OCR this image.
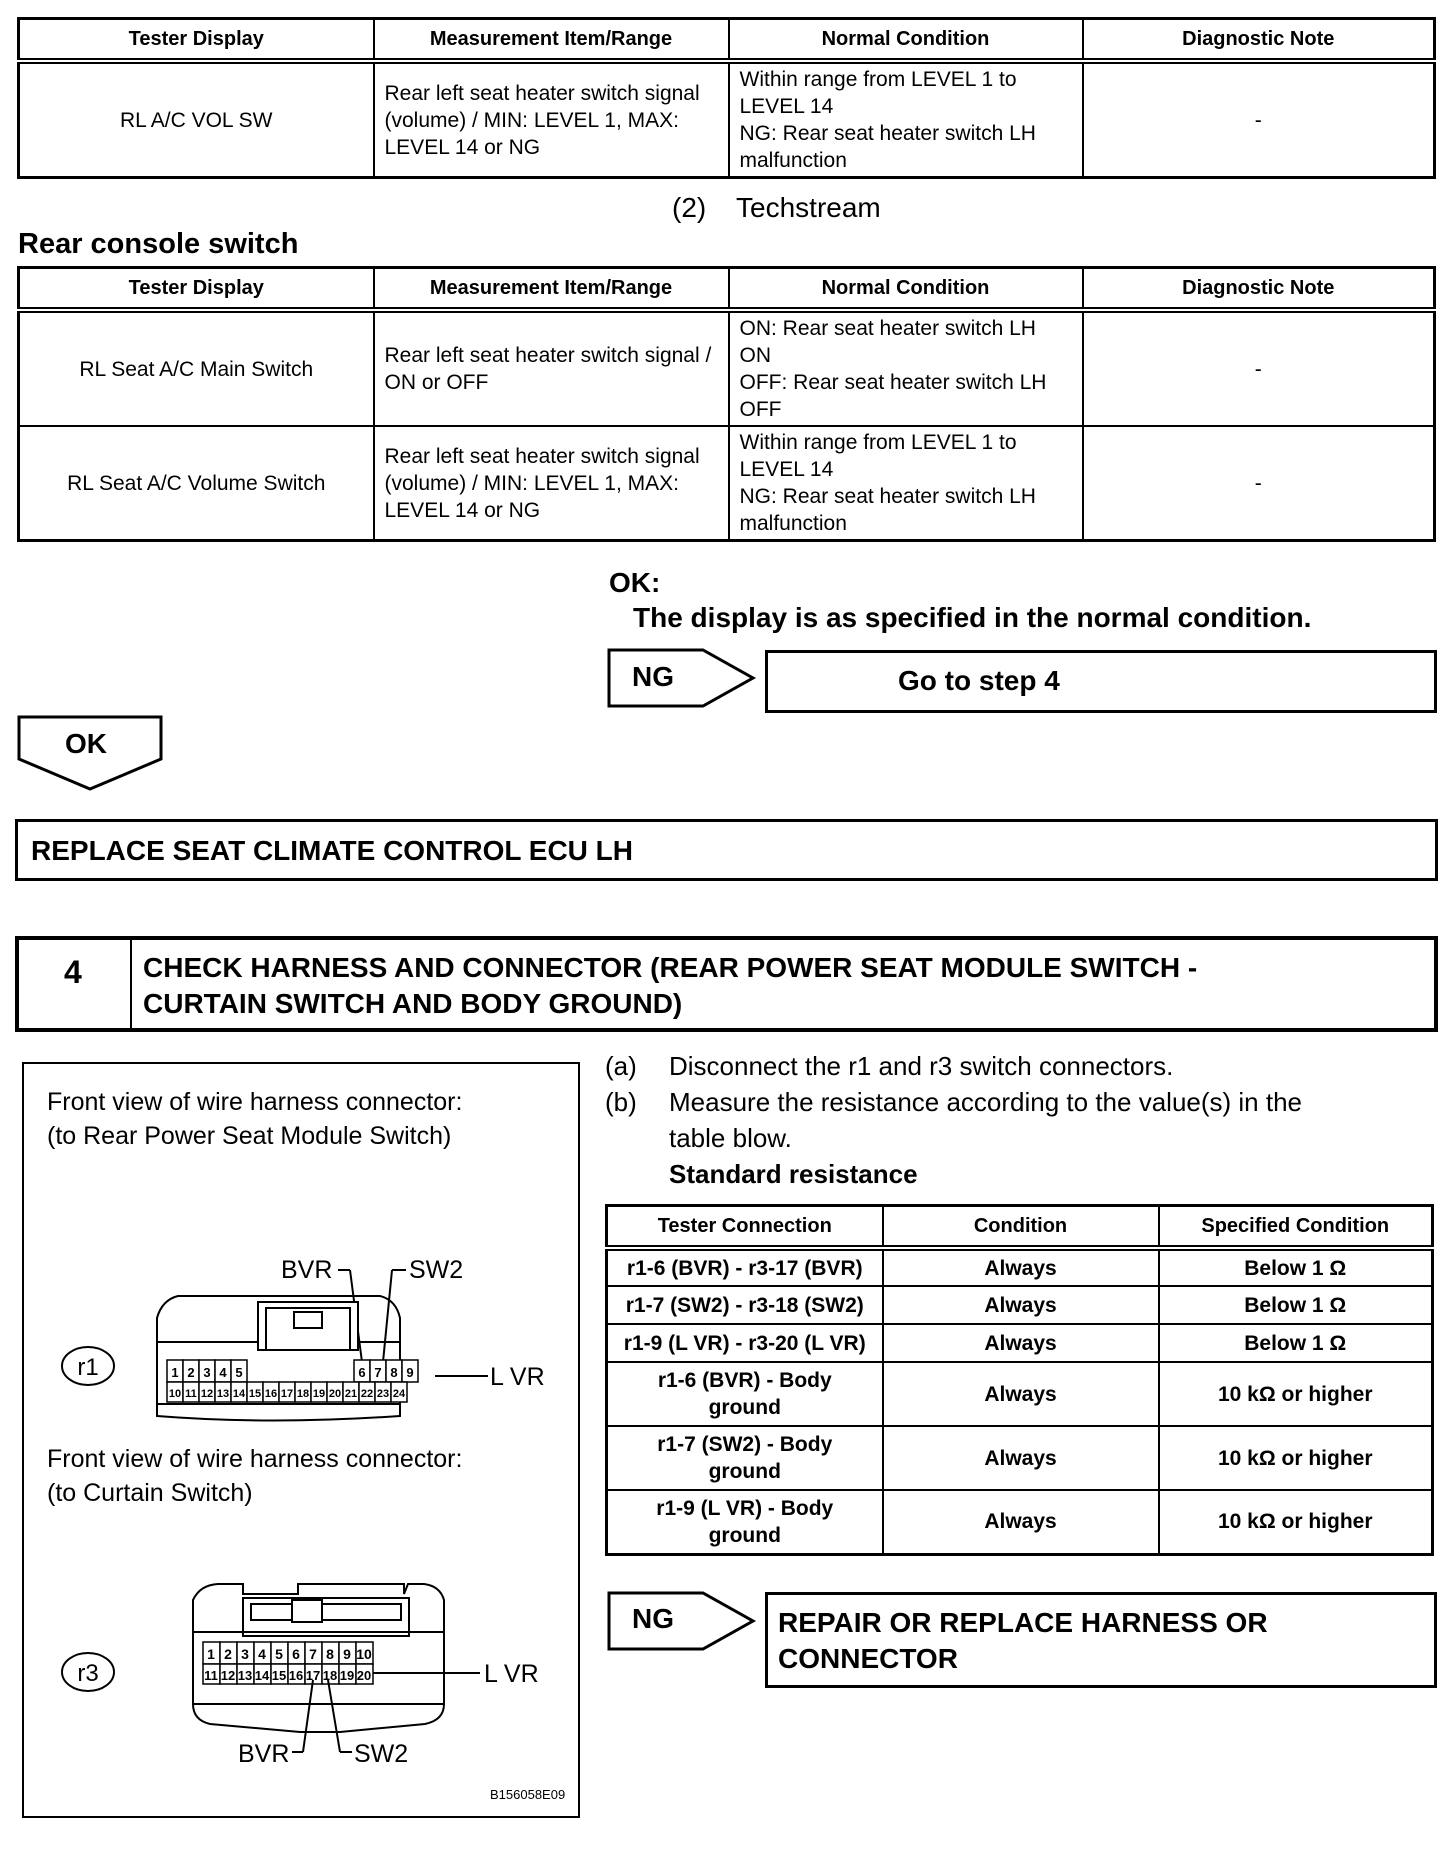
Tester Display	Measurement Item/Range	Normal Condition	Diagnostic Note
RL A/C VOL SW	Rear left seat heater switch signal (volume) / MIN: LEVEL 1, MAX: LEVEL 14 or NG	Within range from LEVEL 1 to LEVEL 14
NG: Rear seat heater switch LH malfunction	-
(2) Techstream
Rear console switch
Tester Display	Measurement Item/Range	Normal Condition	Diagnostic Note
RL Seat A/C Main Switch	Rear left seat heater switch signal / ON or OFF	ON: Rear seat heater switch LH ON
OFF: Rear seat heater switch LH OFF	-
RL Seat A/C Volume Switch	Rear left seat heater switch signal (volume) / MIN: LEVEL 1, MAX: LEVEL 14 or NG	Within range from LEVEL 1 to LEVEL 14
NG: Rear seat heater switch LH malfunction	-
OK:
The display is as specified in the normal condition.
NG	Go to step 4
OK
REPLACE SEAT CLIMATE CONTROL ECU LH
4 CHECK HARNESS AND CONNECTOR (REAR POWER SEAT MODULE SWITCH -
CURTAIN SWITCH AND BODY GROUND)
Front view of wire harness connector:
(to Rear Power Seat Module Switch)
1 2 3 4 5	6 7 8 9
10 11 12 13 14 15 16 17 18 19 20 21 22 23 24
BVR	SW2
L VR
r1
Front view of wire harness connector:
(to Curtain Switch)
1 2 3 4 5 6 7 8 9 10
11 12 13 14 15 16 17 18 19 20	L VR
BVR	SW2
r3
B156058E09
(a) Disconnect the r1 and r3 switch connectors.
(b) Measure the resistance according to the value(s) in the
table blow.
Standard resistance
Tester Connection	Condition	Specified Condition
r1-6 (BVR) - r3-17 (BVR)	Always	Below 1 Ω
r1-7 (SW2) - r3-18 (SW2)	Always	Below 1 Ω
r1-9 (L VR) - r3-20 (L VR)	Always	Below 1 Ω
r1-6 (BVR) - Body ground	Always	10 kΩ or higher
r1-7 (SW2) - Body ground	Always	10 kΩ or higher
r1-9 (L VR) - Body ground	Always	10 kΩ or higher
NG	REPAIR OR REPLACE HARNESS OR
CONNECTOR
